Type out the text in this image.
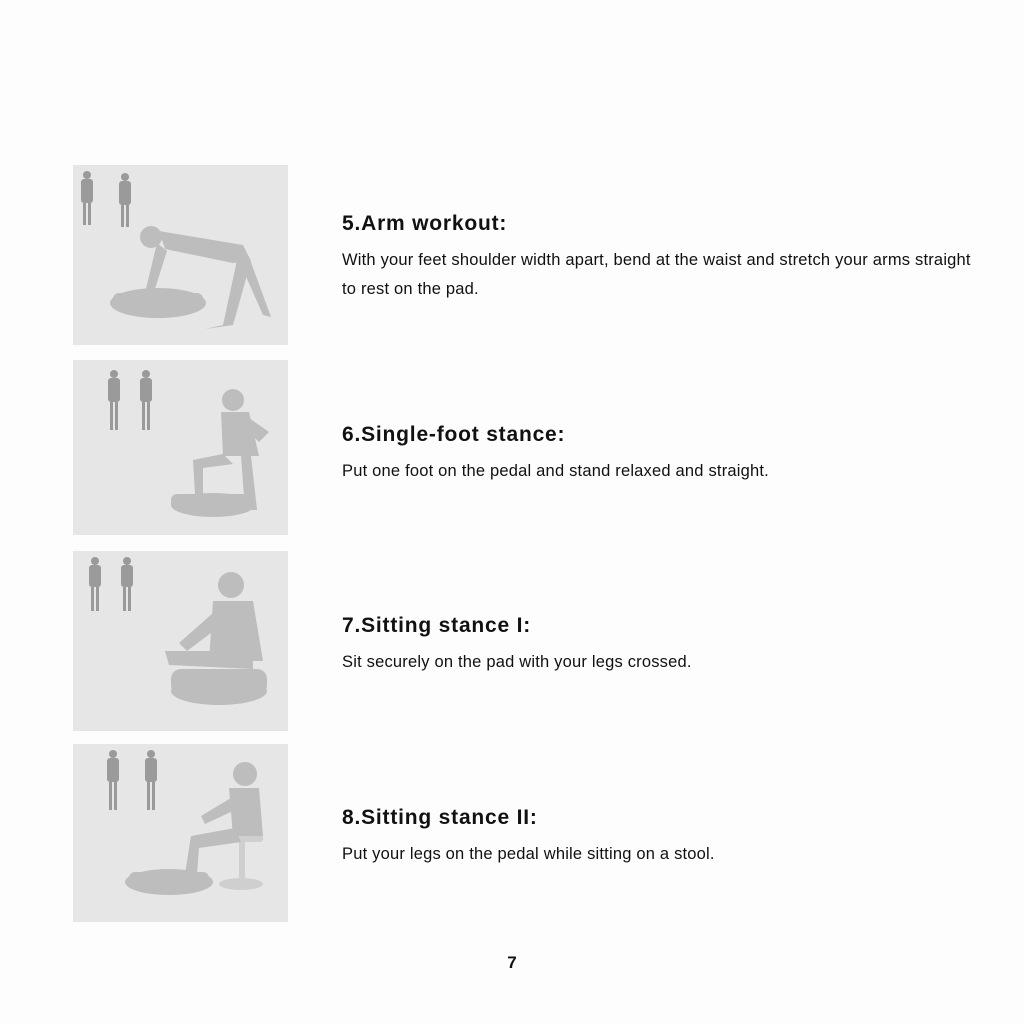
5.Arm workout:

With your feet shoulder width apart, bend at the waist and stretch your arms straight to rest on the pad.

6.Single-foot stance:

Put one foot on the pedal and stand relaxed and straight.

7.Sitting stance I:

Sit securely on the pad with your legs crossed.

8.Sitting stance II:

Put your legs on the pedal while sitting on a stool.

7
